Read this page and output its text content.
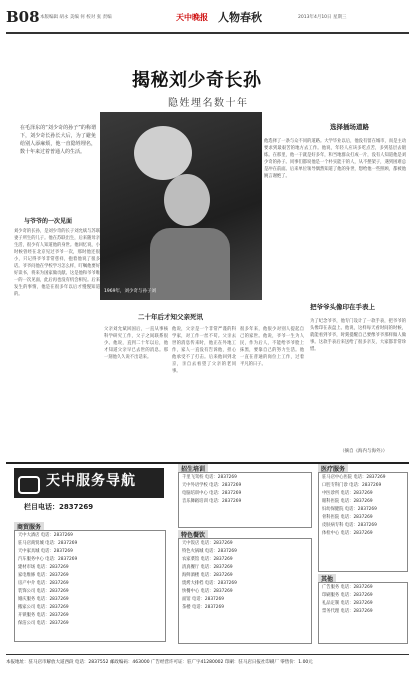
B08 本版编辑 胡永 美编 何 校对 张 责编	天中晚报 人物春秋	2013年4月10日 星期三
揭秘刘少奇长孙
隐姓埋名数十年
在毛泽东的“刘少奇的孙子”的称谓下，刘少奇长孙长大后，为了避免给别人添麻烦，他一直隐姓埋名，数十年来过着普通人的生活。
1969年，刘少奇与孙子刘
与爷爷的一次见面
刘少奇的长孙，是刘少奇的长子刘允斌与苏联妻子所生的儿子。他在苏联出生，后来随母亲生活，很少有人知道他的身世。他回忆说，小时候曾经在北京见过爷爷一次，那时他还很小，只记得爷爷非常慈祥，抱着他说了很多话。爷爷问他在学校学习怎么样，叮嘱他要好好读书，将来为国家做贡献。这是他和爷爷唯一的一次见面，此后再也没有机会相见。后来发生的事情，他是在很多年以后才慢慢知道的。
二十年后才知父亲死讯
父亲刘允斌回国后，一直从事核科学研究工作，父子之间联系很少。他说，直到二十年以后，他才知道父亲早已去世的消息。那一刻他久久说不出话来。
他说，父亲是一个非常严谨的科学家，对工作一丝不苟。父亲去世的消息传来时，他正在外地工作，家人一直没有告诉他，担心他承受不了打击。后来他回到北京，亲自去看望了父亲的老同事。
很多年来，他很少对别人提起自己的家世。他说，爷爷一生为人民，作为后人，不能给爷爷脸上抹黑，要靠自己的努力生活。他一直在普通的岗位上工作，过着平凡的日子。
选择插场道路
他选择了一条与众不同的道路。大学毕业以后，他没有留在城市，而是主动要求到最艰苦的地方去工作。他说，年轻人应该多吃点苦，多到基层去锻炼。在那里，他一干就是好多年，和当地群众打成一片，没有人知道他是刘少奇的孙子。同事们都说他是一个朴实能干的人，从不摆架子，遇到困难总是冲在前面。后来单位领导偶然知道了他的身世，想给他一些照顾，都被他婉言谢绝了。
把爷爷头像印在手表上
为了纪念爷爷，他专门设计了一款手表，把爷爷的头像印在表盘上。他说，这样每天看时间的时候，就能看到爷爷，时刻提醒自己要像爷爷那样做人做事。这款手表后来送给了很多亲友，大家都非常珍惜。
（摘自《海内与海外》）
天中服务导航
栏目电话：2837269
商贸服务
天中大酒店 电话：2837269
驻马店商贸城 电话：2837269
天中家具城 电话：2837269
汽车服务中心 电话：2837269
建材市场 电话：2837269
家电维修 电话：2837269
房产中介 电话：2837269
装饰公司 电话：2837269
婚庆服务 电话：2837269
搬家公司 电话：2837269
开锁服务 电话：2837269
保洁公司 电话：2837269
招生培训
千里飞驾校 电话：2837269
天中外语学校 电话：2837269
电脑培训中心 电话：2837269
音乐舞蹈培训 电话：2837269
医疗服务
驻马店中心医院 电话：2837269
口腔专科门诊 电话：2837269
中医诊所 电话：2837269
眼科医院 电话：2837269
妇幼保健院 电话：2837269
骨科医院 电话：2837269
皮肤病专科 电话：2837269
体检中心 电话：2837269
特色餐饮
天中饭店 电话：2837269
特色火锅城 电话：2837269
农家菜馆 电话：2837269
清真餐厅 电话：2837269
海鲜酒楼 电话：2837269
烧烤大排档 电话：2837269
快餐中心 电话：2837269
面馆 电话：2837269
茶楼 电话：2837269
其他
广告服务 电话：2837269
印刷服务 电话：2837269
礼品定制 电话：2837269
票务代理 电话：2837269
本报地址：驻马店市解放大道西段 电话：2837552 邮政编码：463000 广告经营许可证：驻广字41280002 印刷：驻马店日报社印刷厂 零售价：1.00元
